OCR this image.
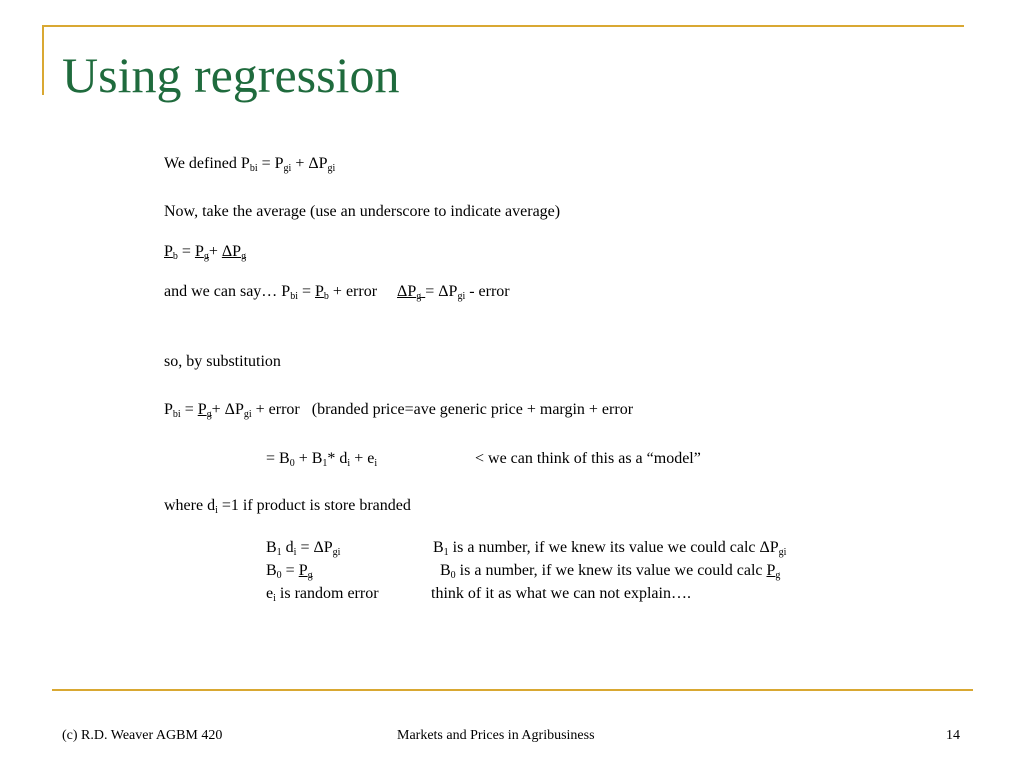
Using regression
We defined $P_{bi} = P_{gi} + \Delta P_{gi}$
Now, take the average (use an underscore to indicate average)
$P_b = P_g+ \Delta P_g$
and we can say… $P_{bi} = P_b$ + error $\Delta P_g = \Delta P_{gi}$ - error
so, by substitution
$P_{bi} = P_g+ \Delta P_{gi}$ + error (branded price=ave generic price + margin + error
= $B_0 + B_1*$ $d_i + e_i$	< we can think of this as a “model”
where $d_i =1$ if product is store branded
$B_1$ $d_i = \Delta P_{gi}$	$B_1$ is a number, if we knew its value we could calc $\Delta P_{gi}$
$B_0 = P_g$	$B_0$ is a number, if we knew its value we could calc $P_g$
$e_i$ is random error	think of it as what we can not explain….
(c) R.D. Weaver AGBM 420	Markets and Prices in Agribusiness	14
